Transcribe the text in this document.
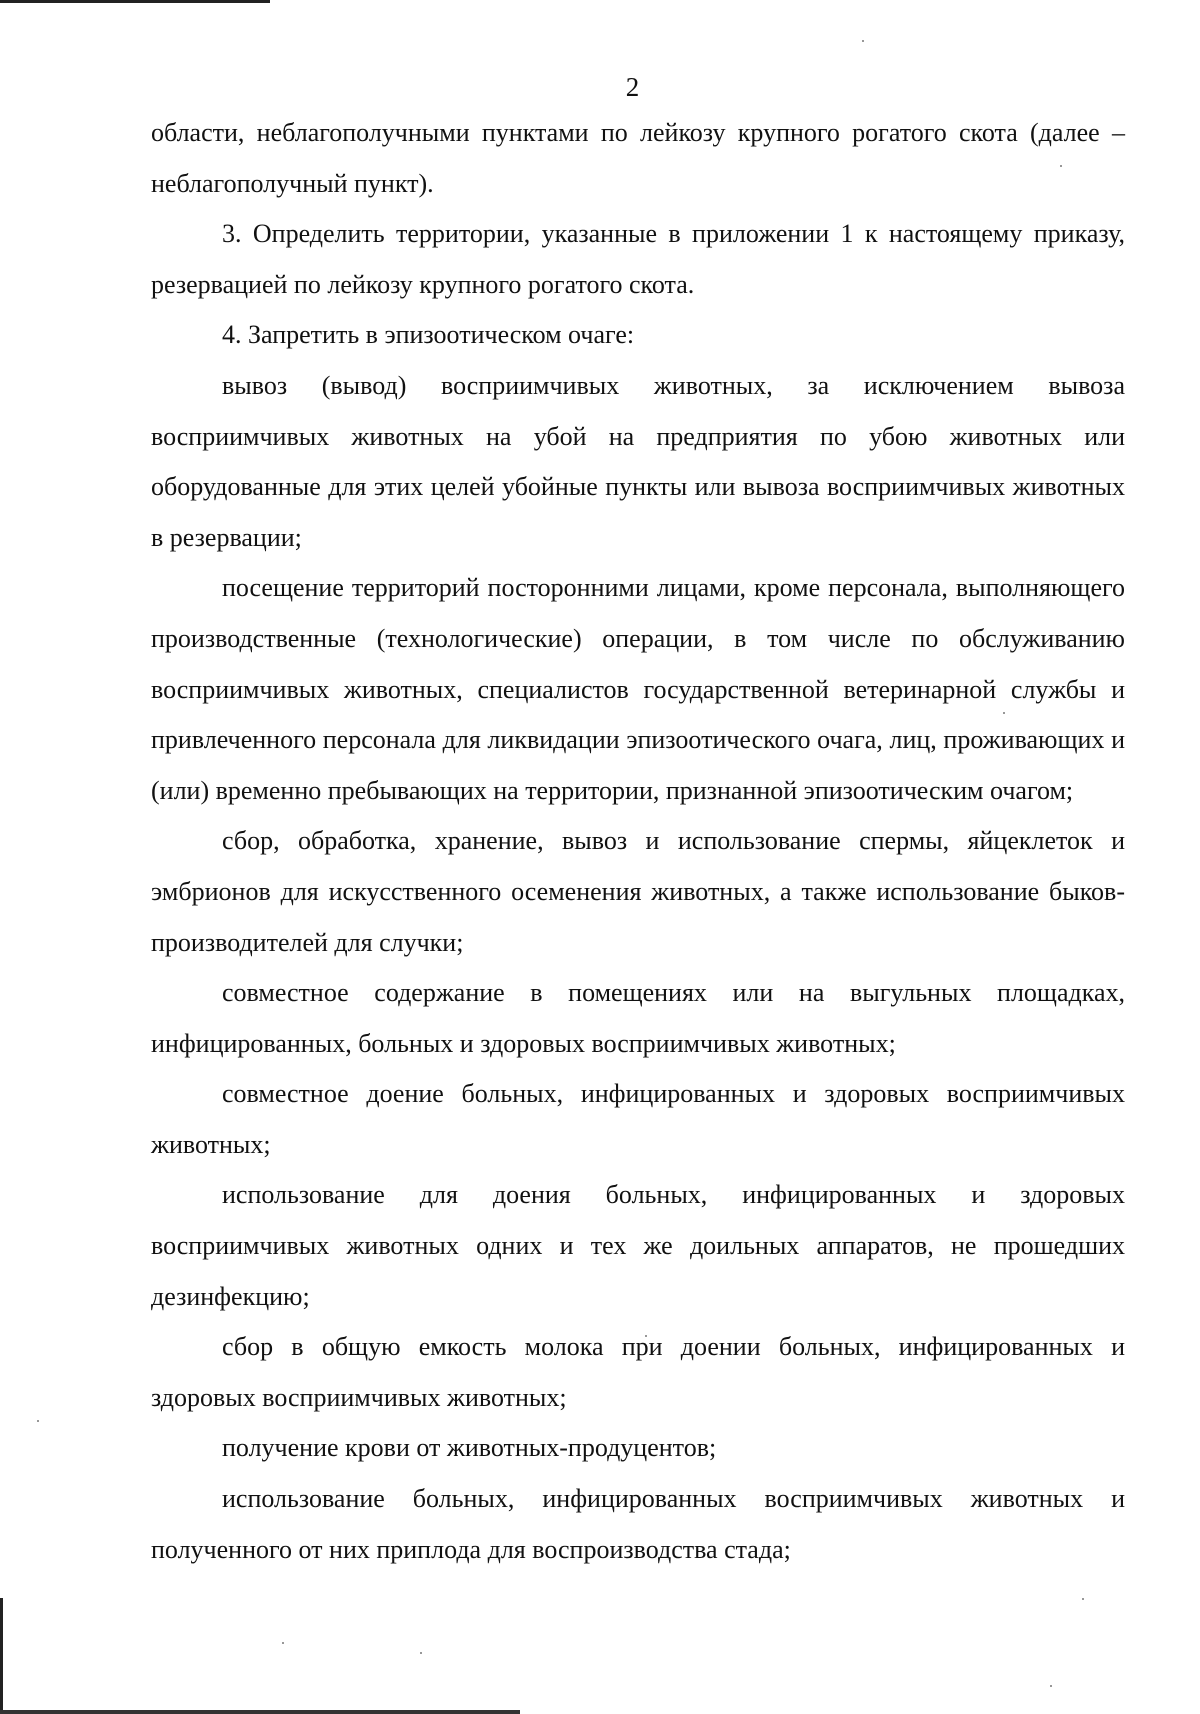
2

области, неблагополучными пунктами по лейкозу крупного рогатого скота (далее – неблагополучный пункт).

3. Определить территории, указанные в приложении 1 к настоящему приказу, резервацией по лейкозу крупного рогатого скота.

4. Запретить в эпизоотическом очаге:

вывоз (вывод) восприимчивых животных, за исключением вывоза восприимчивых животных на убой на предприятия по убою животных или оборудованные для этих целей убойные пункты или вывоза восприимчивых животных в резервации;

посещение территорий посторонними лицами, кроме персонала, выполняющего производственные (технологические) операции, в том числе по обслуживанию восприимчивых животных, специалистов государственной ветеринарной службы и привлеченного персонала для ликвидации эпизоотического очага, лиц, проживающих и (или) временно пребывающих на территории, признанной эпизоотическим очагом;

сбор, обработка, хранение, вывоз и использование спермы, яйцеклеток и эмбрионов для искусственного осеменения животных, а также использование быков-производителей для случки;

совместное содержание в помещениях или на выгульных площадках, инфицированных, больных и здоровых восприимчивых животных;

совместное доение больных, инфицированных и здоровых восприимчивых животных;

использование для доения больных, инфицированных и здоровых восприимчивых животных одних и тех же доильных аппаратов, не прошедших дезинфекцию;

сбор в общую емкость молока при доении больных, инфицированных и здоровых восприимчивых животных;

получение крови от животных-продуцентов;

использование больных, инфицированных восприимчивых животных и полученного от них приплода для воспроизводства стада;
